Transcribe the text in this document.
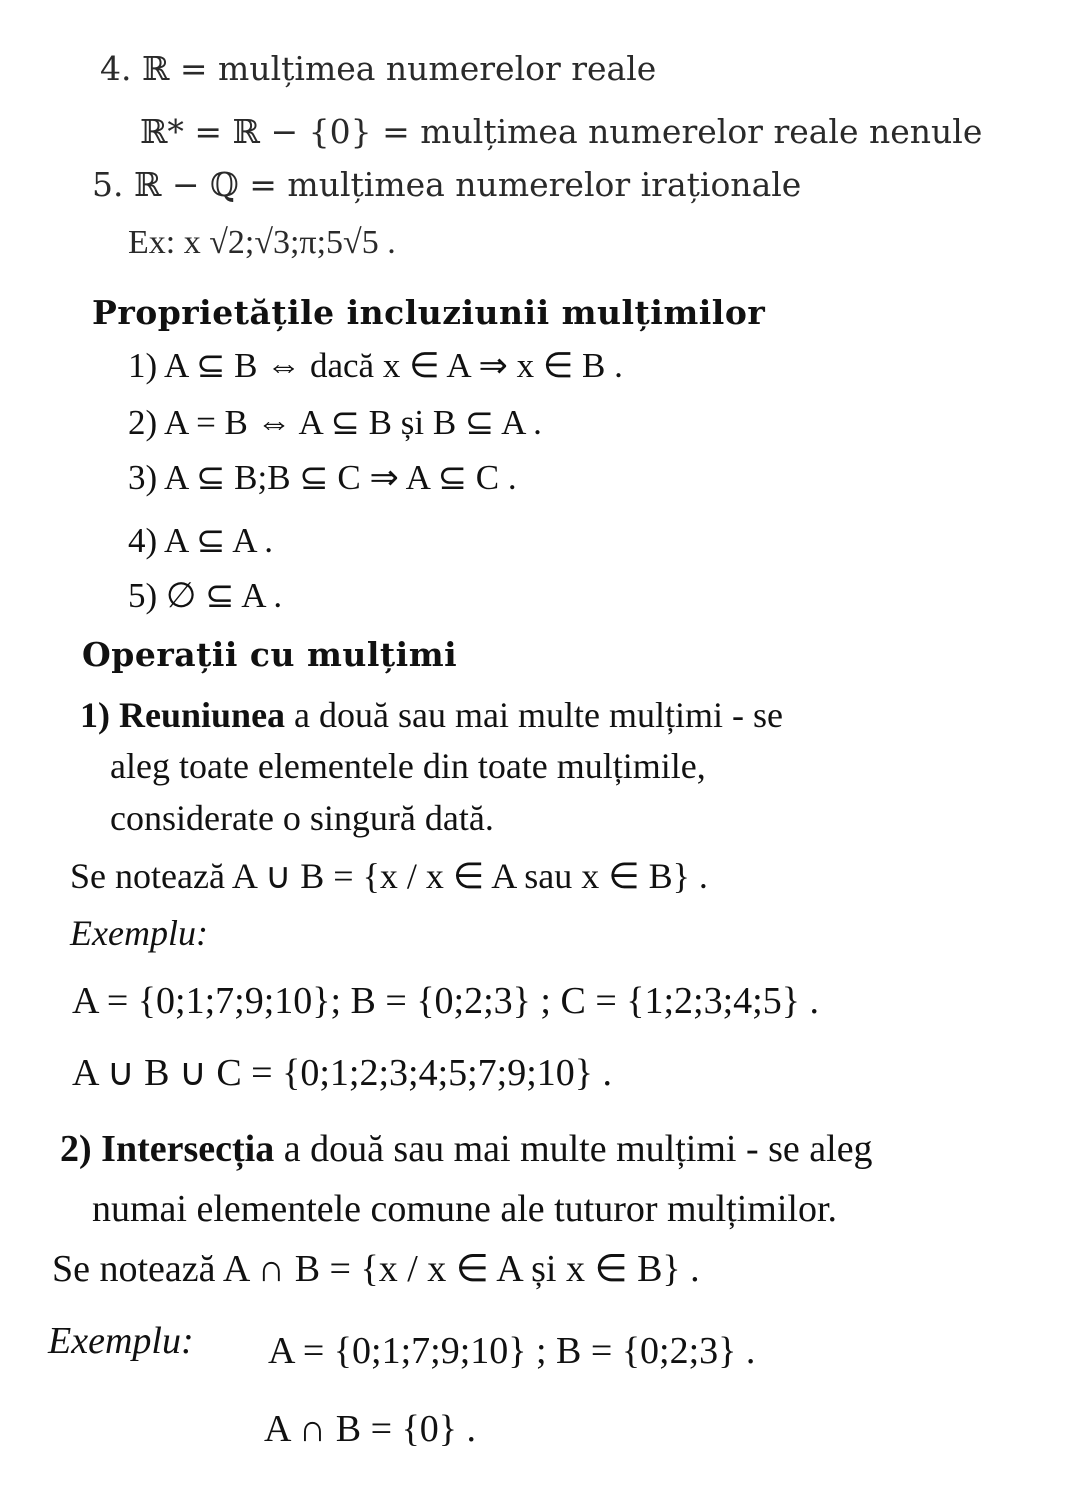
4. ℝ = mulțimea numerelor reale
ℝ* = ℝ − {0} = mulțimea numerelor reale nenule
5. ℝ − ℚ = mulțimea numerelor iraționale
Ex: x √2;√3;π;5√5 .
Proprietățile incluziunii mulțimilor
1) A ⊆ B ⇔ dacă x ∈ A ⇒ x ∈ B .
2) A = B ⇔ A ⊆ B și B ⊆ A .
3) A ⊆ B;B ⊆ C ⇒ A ⊆ C .
4) A ⊆ A .
5) ∅ ⊆ A .
Operații cu mulțimi
1) Reuniunea a două sau mai multe mulțimi - se
aleg toate elementele din toate mulțimile,
considerate o singură dată.
Se notează A ∪ B = {x / x ∈ A sau x ∈ B} .
Exemplu:
A = {0;1;7;9;10}; B = {0;2;3} ; C = {1;2;3;4;5} .
A ∪ B ∪ C = {0;1;2;3;4;5;7;9;10} .
2) Intersecția a două sau mai multe mulțimi - se aleg
numai elementele comune ale tuturor mulțimilor.
Se notează A ∩ B = {x / x ∈ A și x ∈ B} .
Exemplu: A = {0;1;7;9;10} ; B = {0;2;3} .
A ∩ B = {0} .
